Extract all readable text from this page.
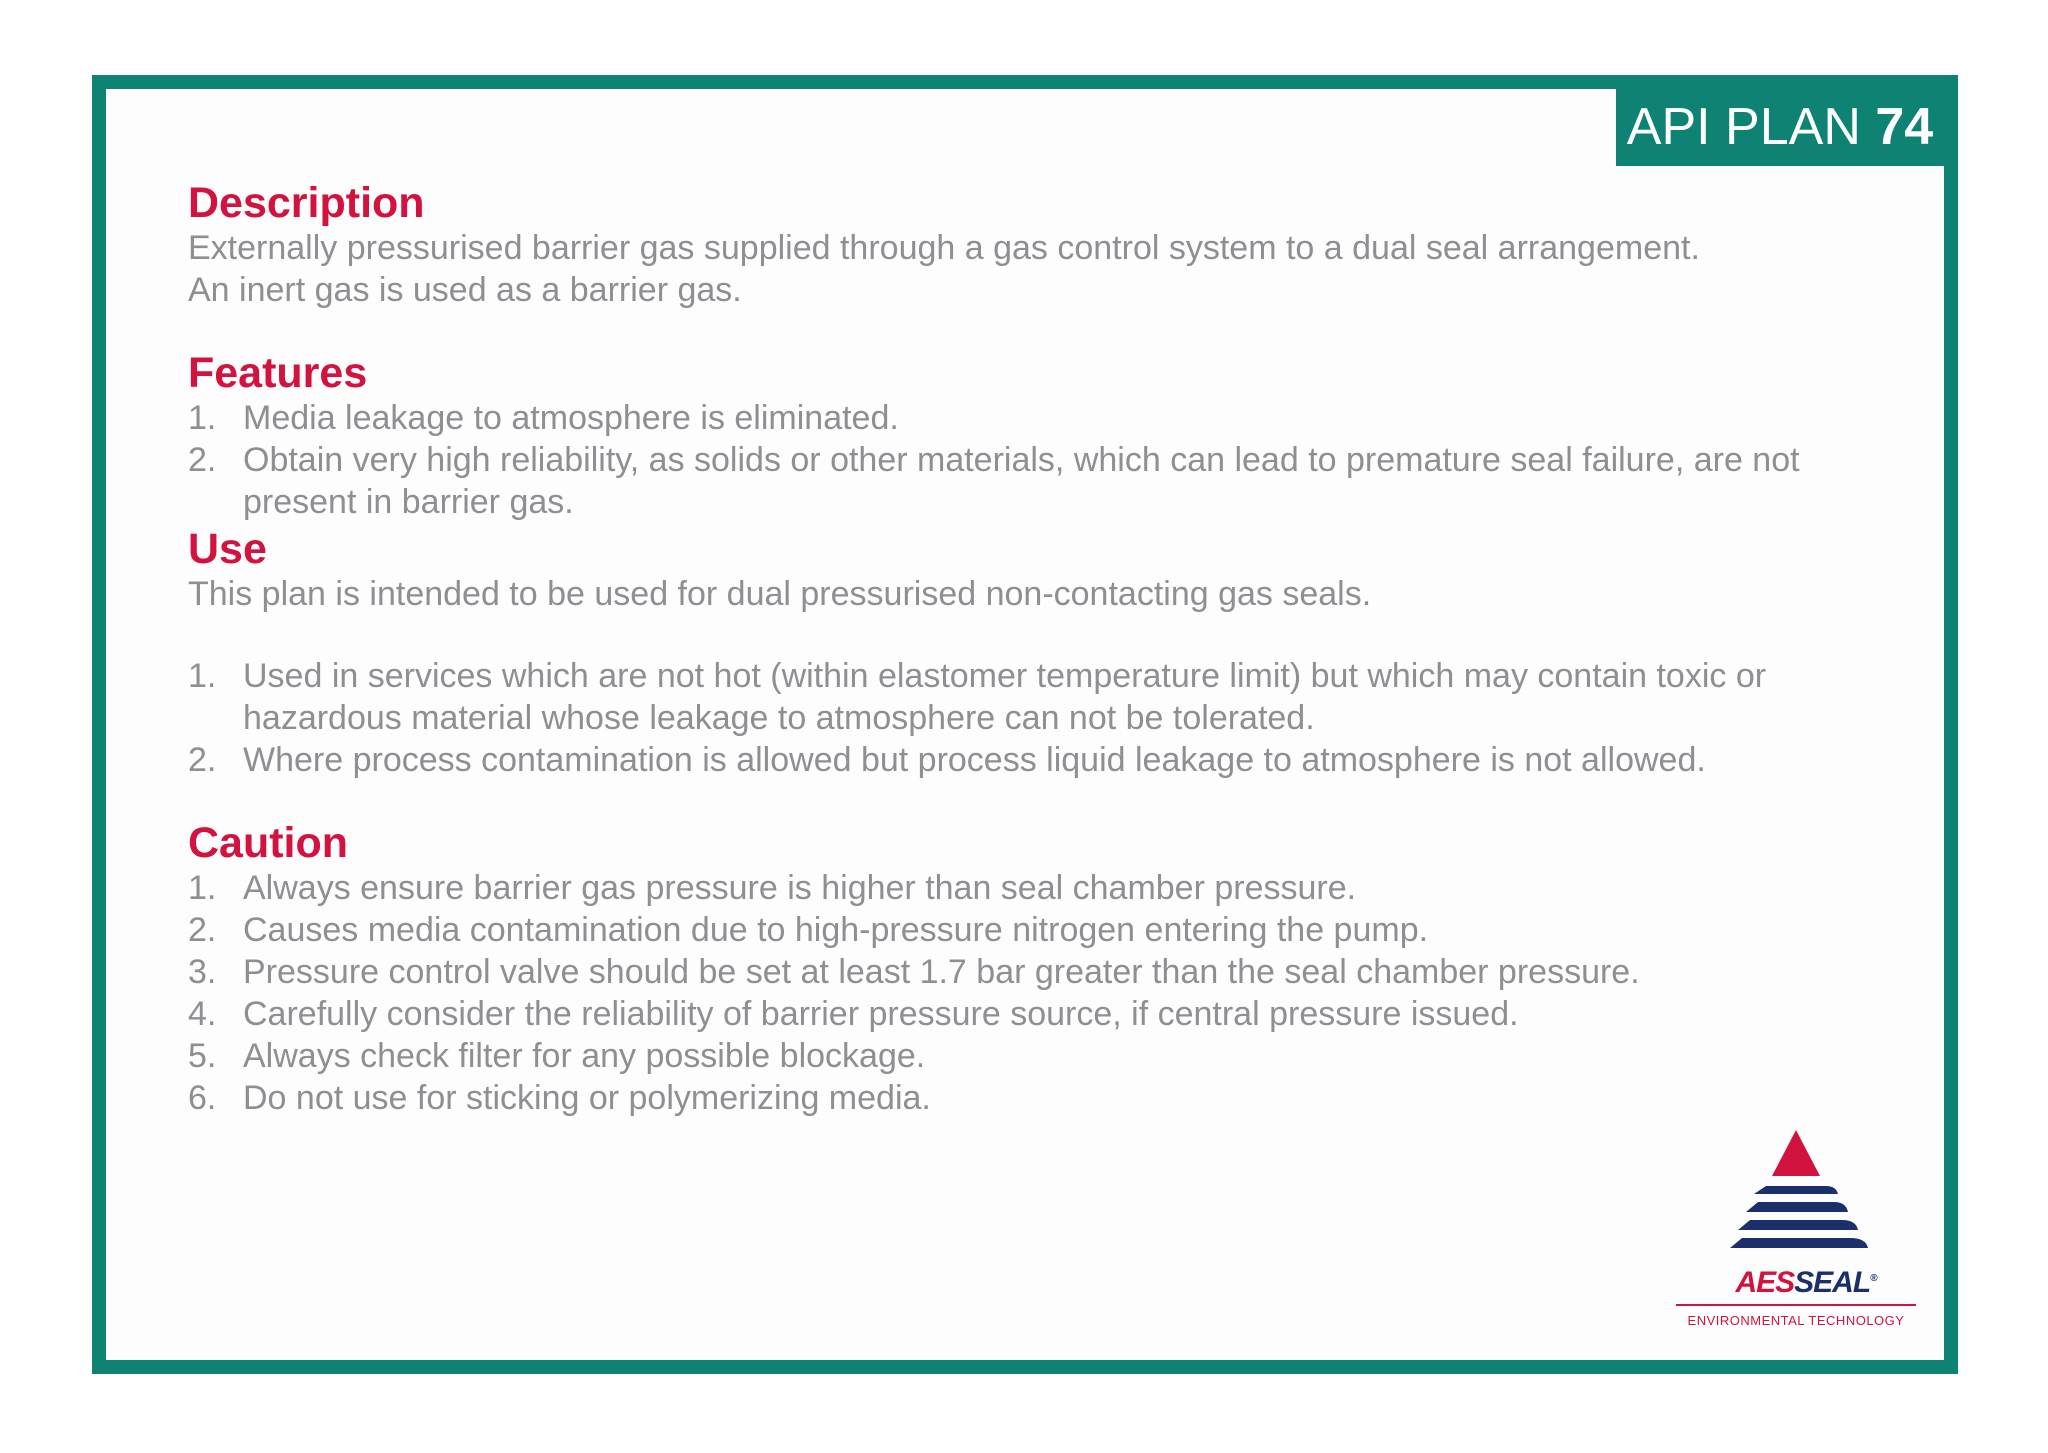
API PLAN 74
Description

Externally pressurised barrier gas supplied through a gas control system to a dual seal arrangement.

An inert gas is used as a barrier gas.

Features
1. Media leakage to atmosphere is eliminated.
2. Obtain very high reliability, as solids or other materials, which can lead to premature seal failure, are not present in barrier gas.
Use

This plan is intended to be used for dual pressurised non-contacting gas seals.

1. Used in services which are not hot (within elastomer temperature limit) but which may contain toxic or hazardous material whose leakage to atmosphere can not be tolerated.
2. Where process contamination is allowed but process liquid leakage to atmosphere is not allowed.
Caution
1. Always ensure barrier gas pressure is higher than seal chamber pressure.
2. Causes media contamination due to high-pressure nitrogen entering the pump.
3. Pressure control valve should be set at least 1.7 bar greater than the seal chamber pressure.
4. Carefully consider the reliability of barrier pressure source, if central pressure issued.
5. Always check filter for any possible blockage.
6. Do not use for sticking or polymerizing media.
AESSEAL®
ENVIRONMENTAL TECHNOLOGY
